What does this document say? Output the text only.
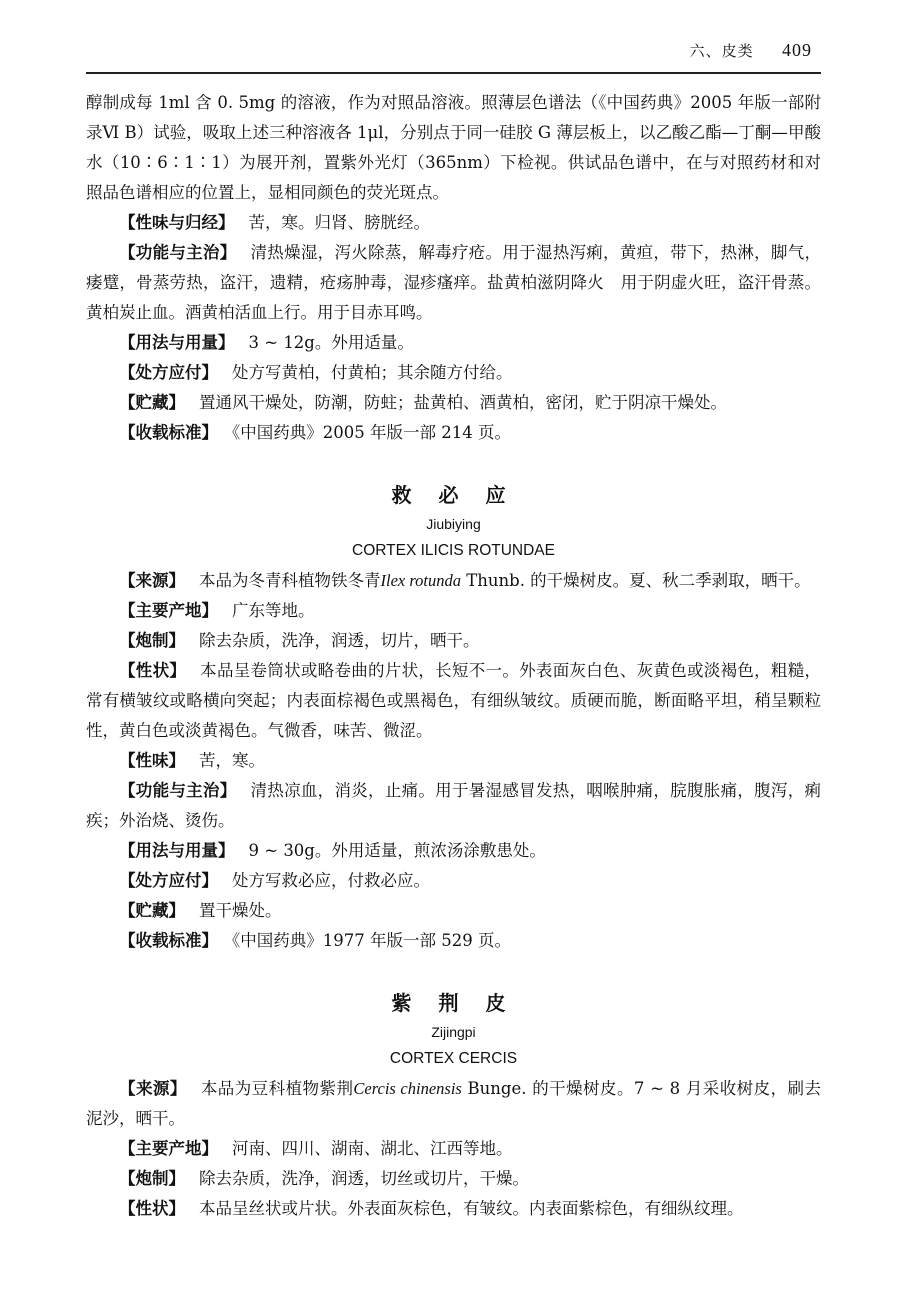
六、皮类 409

醇制成每 1ml 含 0. 5mg 的溶液，作为对照品溶液。照薄层色谱法（《中国药典》2005 年版一部附录Ⅵ B）试验，吸取上述三种溶液各 1μl，分别点于同一硅胶 G 薄层板上，以乙酸乙酯—丁酮—甲酸水（10∶6∶1∶1）为展开剂，置紫外光灯（365nm）下检视。供试品色谱中，在与对照药材和对照品色谱相应的位置上，显相同颜色的荧光斑点。

【性味与归经】 苦，寒。归肾、膀胱经。

【功能与主治】 清热燥湿，泻火除蒸，解毒疗疮。用于湿热泻痢，黄疸，带下，热淋，脚气，痿躄，骨蒸劳热，盗汗，遗精，疮疡肿毒，湿疹瘙痒。盐黄柏滋阴降火　用于阴虚火旺，盗汗骨蒸。黄柏炭止血。酒黄柏活血上行。用于目赤耳鸣。

【用法与用量】 3 ~ 12g。外用适量。

【处方应付】 处方写黄柏，付黄柏；其余随方付给。

【贮藏】 置通风干燥处，防潮，防蛀；盐黄柏、酒黄柏，密闭，贮于阴凉干燥处。

【收载标准】 《中国药典》2005 年版一部 214 页。

救 必 应
Jiubiying
CORTEX ILICIS ROTUNDAE

【来源】 本品为冬青科植物铁冬青Ilex rotunda Thunb. 的干燥树皮。夏、秋二季剥取，晒干。

【主要产地】 广东等地。

【炮制】 除去杂质，洗净，润透，切片，晒干。

【性状】 本品呈卷筒状或略卷曲的片状，长短不一。外表面灰白色、灰黄色或淡褐色，粗糙，常有横皱纹或略横向突起；内表面棕褐色或黑褐色，有细纵皱纹。质硬而脆，断面略平坦，稍呈颗粒性，黄白色或淡黄褐色。气微香，味苦、微涩。

【性味】 苦，寒。

【功能与主治】 清热凉血，消炎，止痛。用于暑湿感冒发热，咽喉肿痛，脘腹胀痛，腹泻，痢疾；外治烧、烫伤。

【用法与用量】 9 ~ 30g。外用适量，煎浓汤涂敷患处。

【处方应付】 处方写救必应，付救必应。

【贮藏】 置干燥处。

【收载标准】 《中国药典》1977 年版一部 529 页。

紫 荆 皮
Zijingpi
CORTEX CERCIS

【来源】 本品为豆科植物紫荆Cercis chinensis Bunge. 的干燥树皮。7 ~ 8 月采收树皮，刷去泥沙，晒干。

【主要产地】 河南、四川、湖南、湖北、江西等地。

【炮制】 除去杂质，洗净，润透，切丝或切片，干燥。

【性状】 本品呈丝状或片状。外表面灰棕色，有皱纹。内表面紫棕色，有细纵纹理。
